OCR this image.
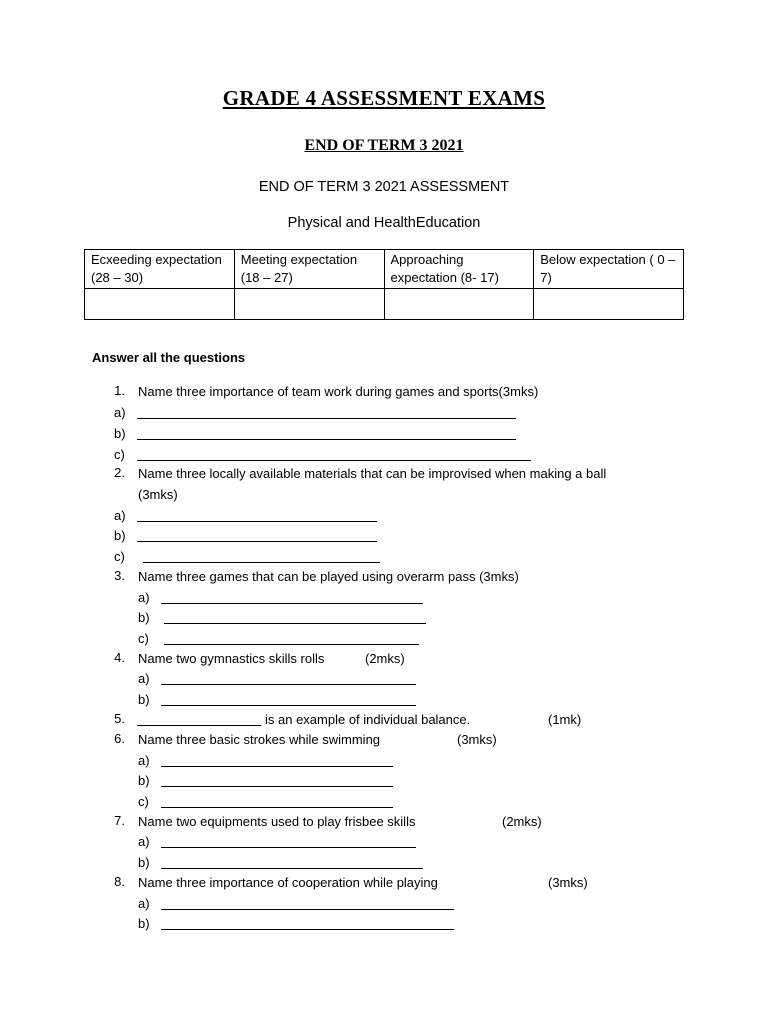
GRADE 4 ASSESSMENT EXAMS
END OF TERM 3 2021
END OF TERM 3 2021 ASSESSMENT
Physical and HealthEducation
Ecxeeding expectation (28 – 30)	Meeting expectation (18 – 27)	Approaching expectation (8- 17)	Below expectation ( 0 – 7)

Answer all the questions
1. Name three importance of team work during games and sports(3mks)
a)
b)
c)
2. Name three locally available materials that can be improvised when making a ball
(3mks)
a)
b)
c)
3. Name three games that can be played using overarm pass (3mks)
a)
b)
c)
4. Name two gymnastics skills rolls	(2mks)
a)
b)
5.	is an example of individual balance.	(1mk)
6. Name three basic strokes while swimming	(3mks)
a)
b)
c)
7. Name two equipments used to play frisbee skills	(2mks)
a)
b)
8. Name three importance of cooperation while playing	(3mks)
a)
b)
